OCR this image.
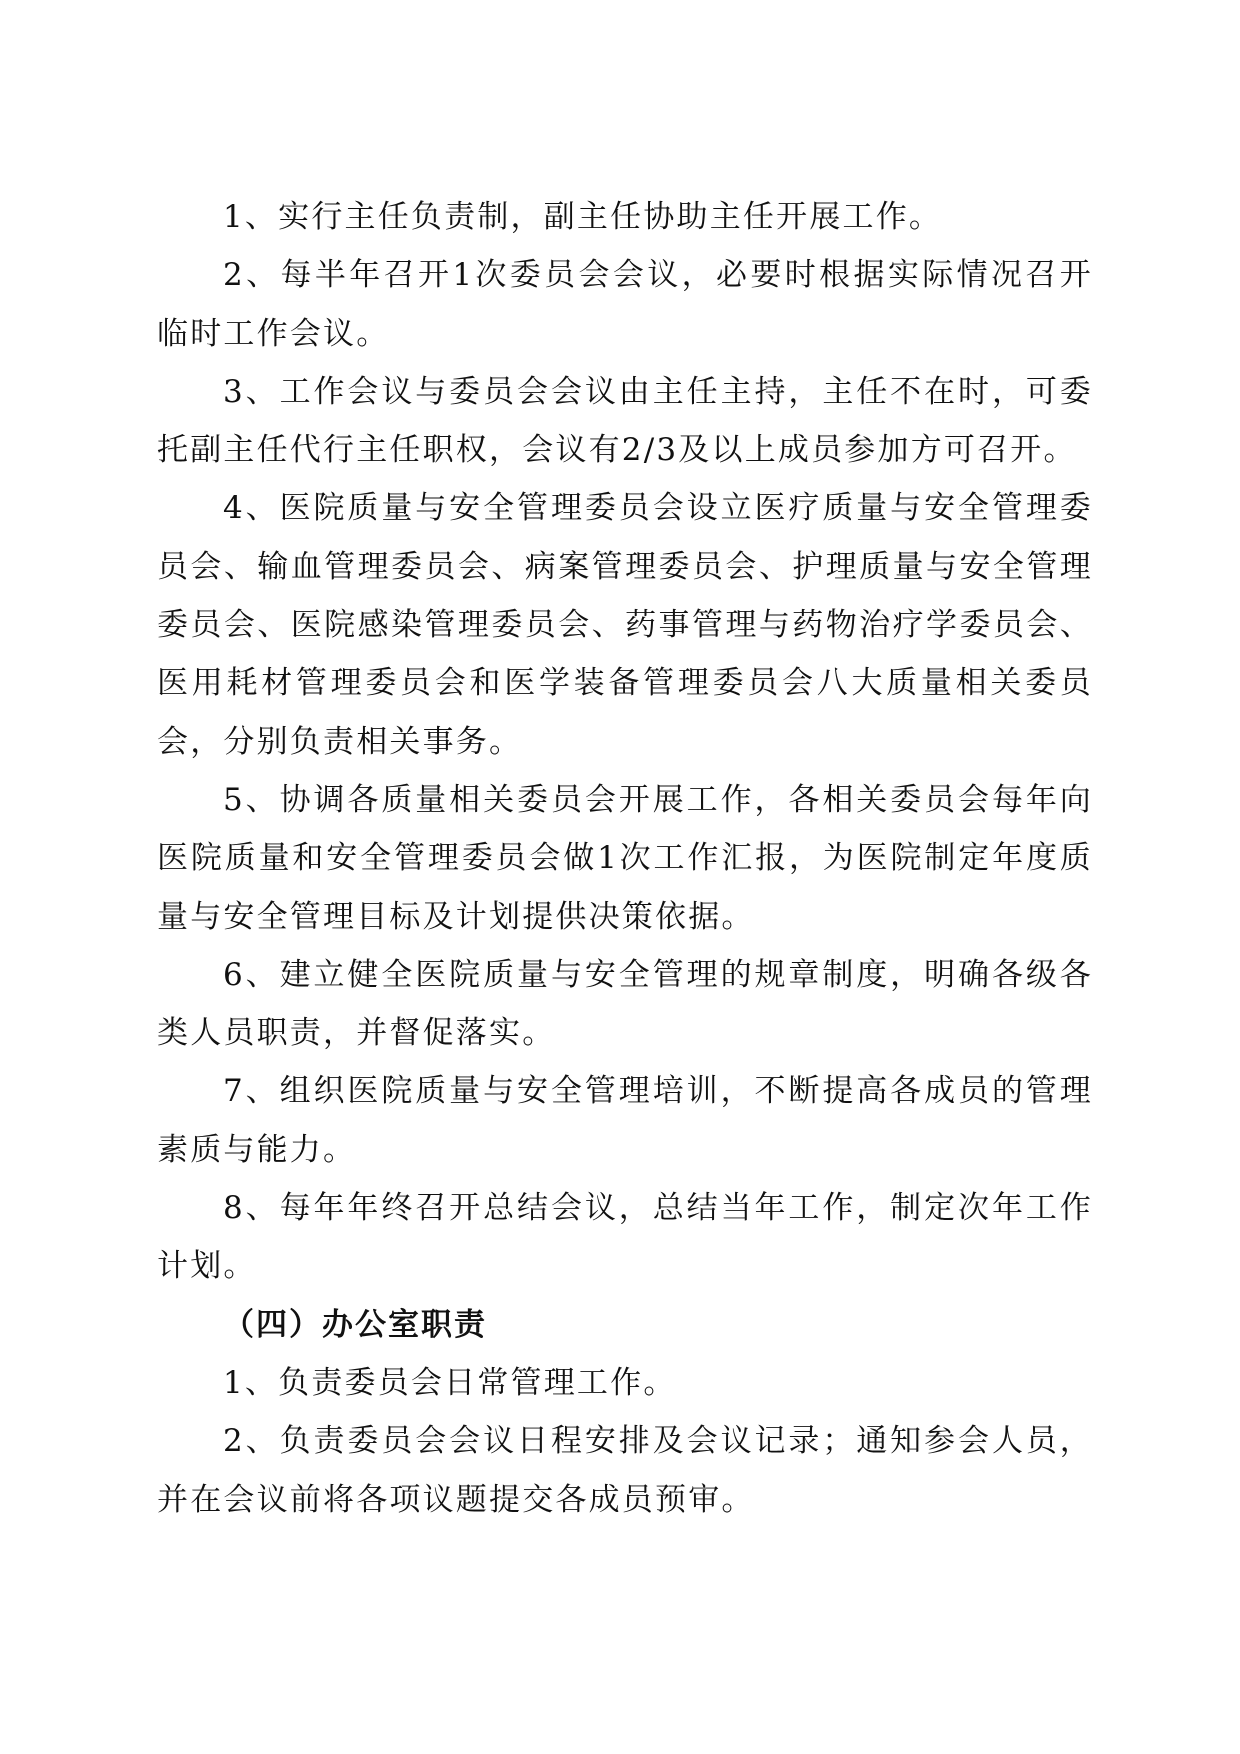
1、实行主任负责制，副主任协助主任开展工作。

2、每半年召开1次委员会会议，必要时根据实际情况召开临时工作会议。

3、工作会议与委员会会议由主任主持，主任不在时，可委托副主任代行主任职权，会议有2/3及以上成员参加方可召开。

4、医院质量与安全管理委员会设立医疗质量与安全管理委员会、输血管理委员会、病案管理委员会、护理质量与安全管理委员会、医院感染管理委员会、药事管理与药物治疗学委员会、医用耗材管理委员会和医学装备管理委员会八大质量相关委员会，分别负责相关事务。

5、协调各质量相关委员会开展工作，各相关委员会每年向医院质量和安全管理委员会做1次工作汇报，为医院制定年度质量与安全管理目标及计划提供决策依据。

6、建立健全医院质量与安全管理的规章制度，明确各级各类人员职责，并督促落实。

7、组织医院质量与安全管理培训，不断提高各成员的管理素质与能力。

8、每年年终召开总结会议，总结当年工作，制定次年工作计划。

（四）办公室职责

1、负责委员会日常管理工作。

2、负责委员会会议日程安排及会议记录；通知参会人员，并在会议前将各项议题提交各成员预审。
